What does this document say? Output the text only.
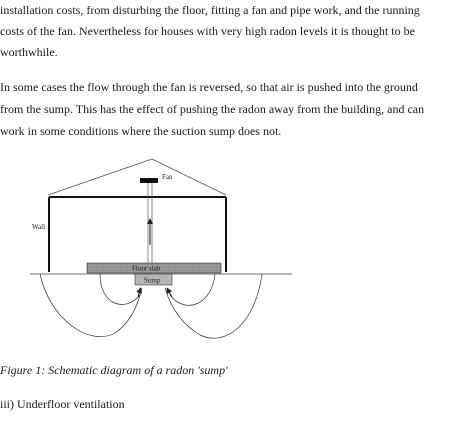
installation costs, from disturbing the floor, fitting a fan and pipe work, and the running
costs of the fan. Nevertheless for houses with very high radon levels it is thought to be
worthwhile.
In some cases the flow through the fan is reversed, so that air is pushed into the ground
from the sump. This has the effect of pushing the radon away from the building, and can
work in some conditions where the suction sump does not.
Fan
Wall
Floor slab
Sump
Figure 1: Schematic diagram of a radon 'sump'
iii) Underfloor ventilation
